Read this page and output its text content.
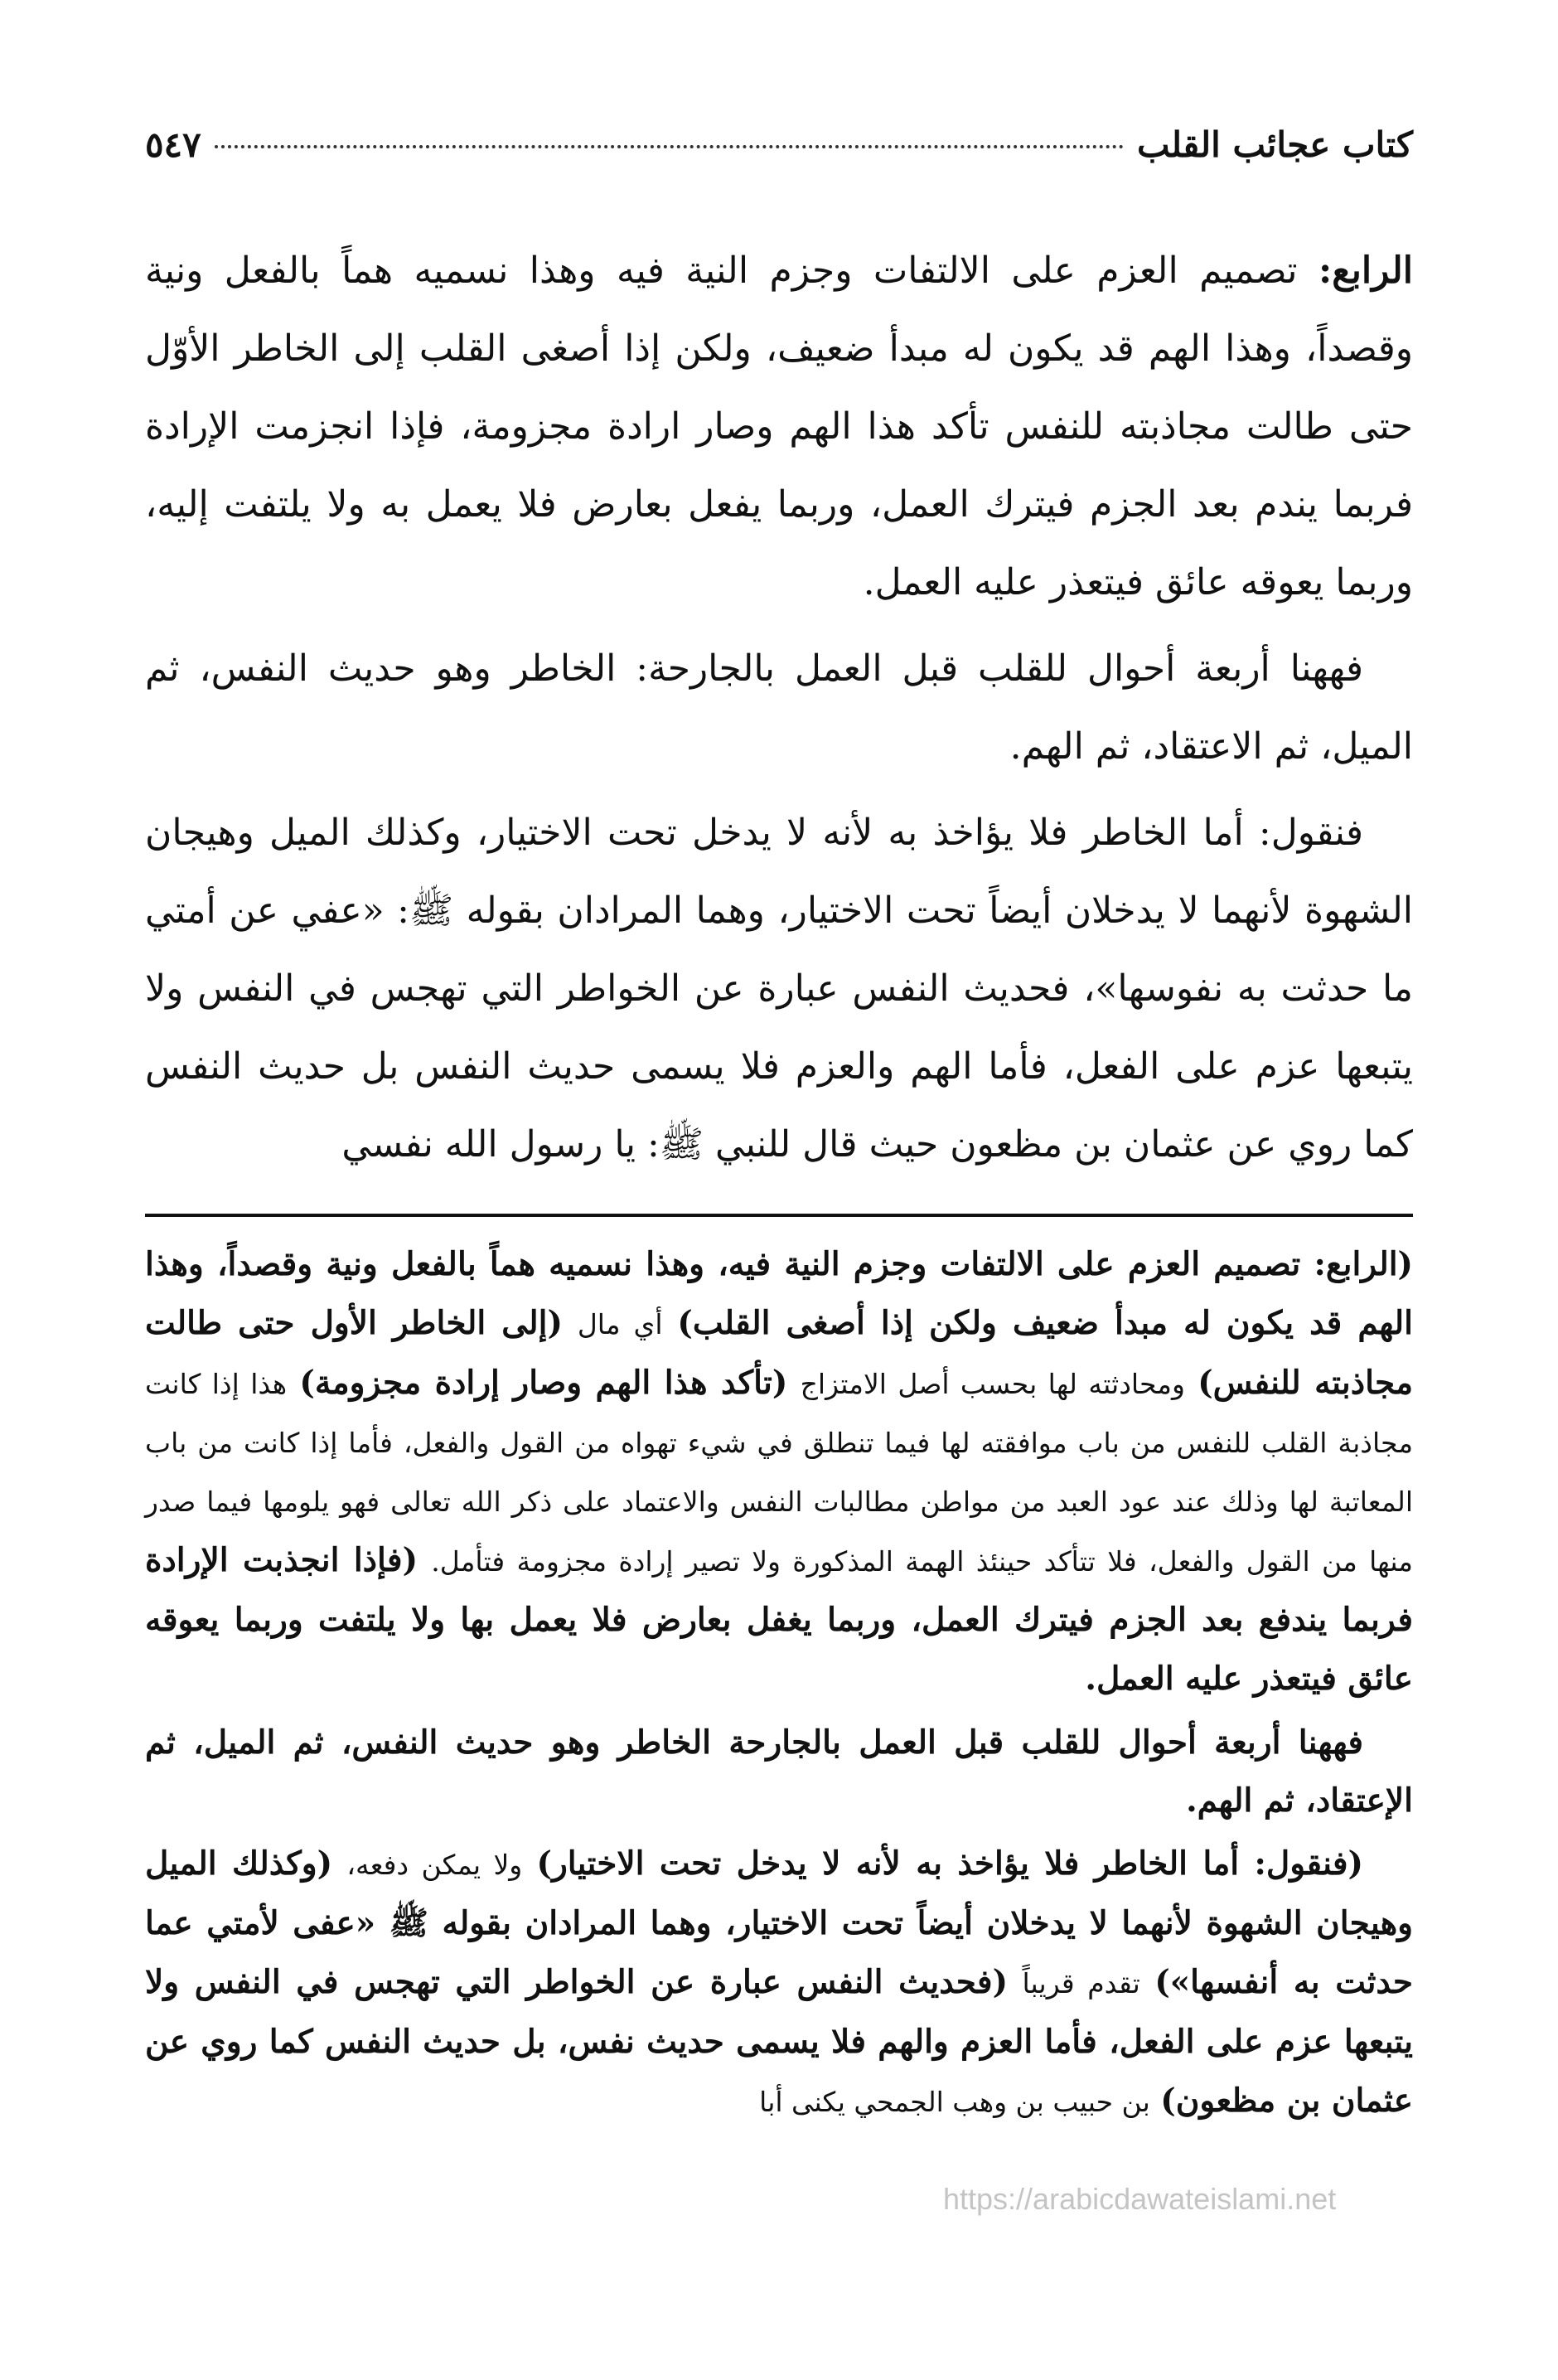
كتاب عجائب القلب
٥٤٧

الرابع: تصميم العزم على الالتفات وجزم النية فيه وهذا نسميه هماً بالفعل ونية وقصداً، وهذا الهم قد يكون له مبدأ ضعيف، ولكن إذا أصغى القلب إلى الخاطر الأوّل حتى طالت مجاذبته للنفس تأكد هذا الهم وصار ارادة مجزومة، فإذا انجزمت الإرادة فربما يندم بعد الجزم فيترك العمل، وربما يفعل بعارض فلا يعمل به ولا يلتفت إليه، وربما يعوقه عائق فيتعذر عليه العمل.

فههنا أربعة أحوال للقلب قبل العمل بالجارحة: الخاطر وهو حديث النفس، ثم الميل، ثم الاعتقاد، ثم الهم.

فنقول: أما الخاطر فلا يؤاخذ به لأنه لا يدخل تحت الاختيار، وكذلك الميل وهيجان الشهوة لأنهما لا يدخلان أيضاً تحت الاختيار، وهما المرادان بقوله ﷺ: «عفي عن أمتي ما حدثت به نفوسها»، فحديث النفس عبارة عن الخواطر التي تهجس في النفس ولا يتبعها عزم على الفعل، فأما الهم والعزم فلا يسمى حديث النفس بل حديث النفس كما روي عن عثمان بن مظعون حيث قال للنبي ﷺ: يا رسول الله نفسي

(الرابع: تصميم العزم على الالتفات وجزم النية فيه، وهذا نسميه هماً بالفعل ونية وقصداً، وهذا الهم قد يكون له مبدأ ضعيف ولكن إذا أصغى القلب) أي مال (إلى الخاطر الأول حتى طالت مجاذبته للنفس) ومحادثته لها بحسب أصل الامتزاج (تأكد هذا الهم وصار إرادة مجزومة) هذا إذا كانت مجاذبة القلب للنفس من باب موافقته لها فيما تنطلق في شيء تهواه من القول والفعل، فأما إذا كانت من باب المعاتبة لها وذلك عند عود العبد من مواطن مطالبات النفس والاعتماد على ذكر الله تعالى فهو يلومها فيما صدر منها من القول والفعل، فلا تتأكد حينئذ الهمة المذكورة ولا تصير إرادة مجزومة فتأمل. (فإذا انجذبت الإرادة فربما يندفع بعد الجزم فيترك العمل، وربما يغفل بعارض فلا يعمل بها ولا يلتفت وربما يعوقه عائق فيتعذر عليه العمل.

فههنا أربعة أحوال للقلب قبل العمل بالجارحة الخاطر وهو حديث النفس، ثم الميل، ثم الإعتقاد، ثم الهم.

(فنقول: أما الخاطر فلا يؤاخذ به لأنه لا يدخل تحت الاختيار) ولا يمكن دفعه، (وكذلك الميل وهيجان الشهوة لأنهما لا يدخلان أيضاً تحت الاختيار، وهما المرادان بقوله ﷺ «عفى لأمتي عما حدثت به أنفسها») تقدم قريباً (فحديث النفس عبارة عن الخواطر التي تهجس في النفس ولا يتبعها عزم على الفعل، فأما العزم والهم فلا يسمى حديث نفس، بل حديث النفس كما روي عن عثمان بن مظعون) بن حبيب بن وهب الجمحي يكنى أبا

https://arabicdawateislami.net
